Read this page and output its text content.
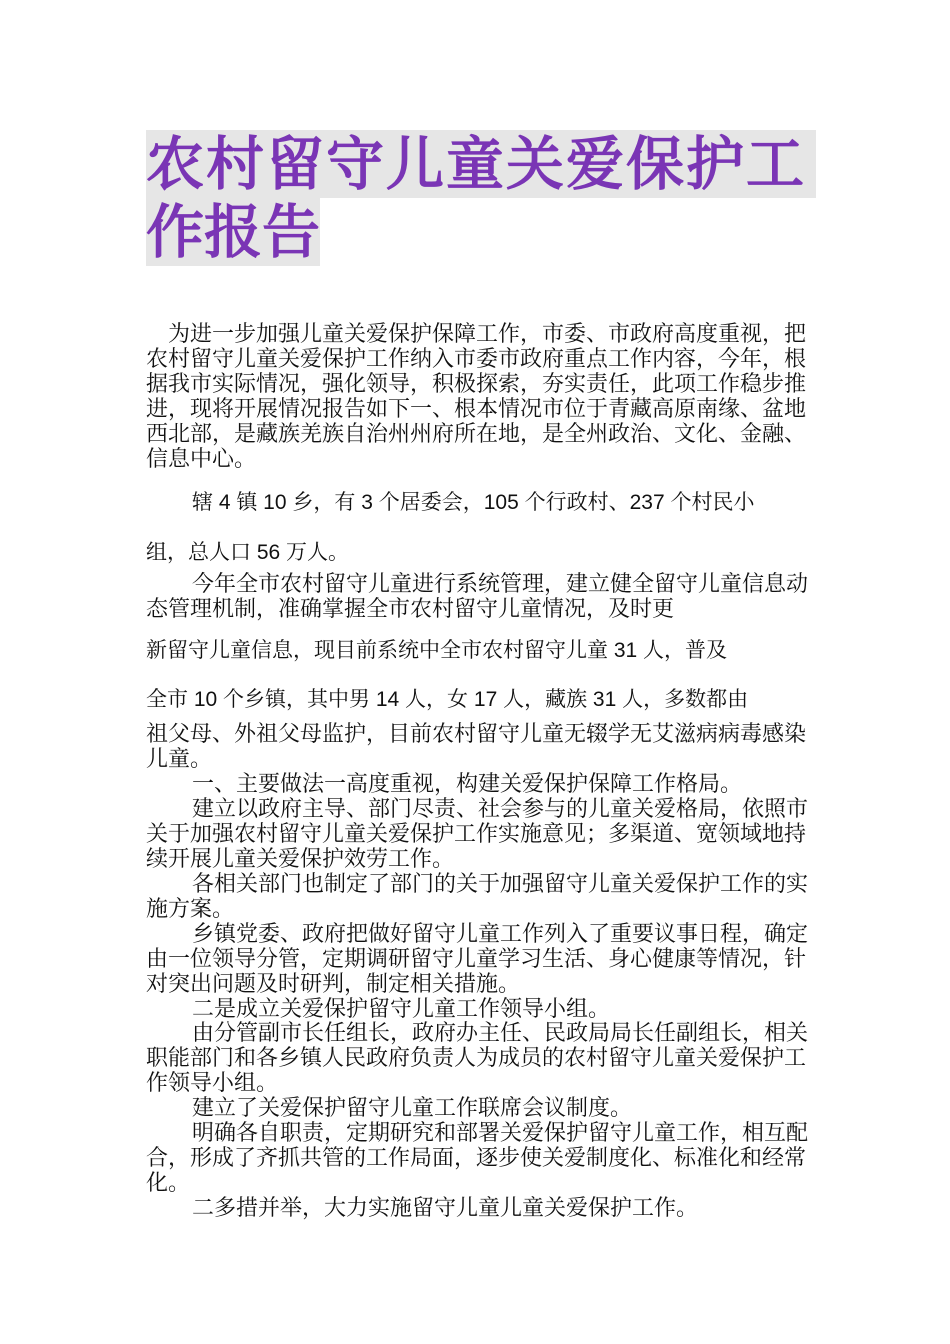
农村留守儿童关爱保护工
作报告

为进一步加强儿童关爱保护保障工作，市委、市政府高度重视，把农村留守儿童关爱保护工作纳入市委市政府重点工作内容，今年，根据我市实际情况，强化领导，积极探索，夯实责任，此项工作稳步推进，现将开展情况报告如下一、根本情况市位于青藏高原南缘、盆地西北部，是藏族羌族自治州州府所在地，是全州政治、文化、金融、信息中心。

辖 4 镇 10 乡，有 3 个居委会，105 个行政村、237 个村民小

组，总人口 56 万人。

今年全市农村留守儿童进行系统管理，建立健全留守儿童信息动态管理机制，准确掌握全市农村留守儿童情况，及时更

新留守儿童信息，现目前系统中全市农村留守儿童 31 人，普及

全市 10 个乡镇，其中男 14 人，女 17 人，藏族 31 人，多数都由

祖父母、外祖父母监护，目前农村留守儿童无辍学无艾滋病病毒感染儿童。

一、主要做法一高度重视，构建关爱保护保障工作格局。

建立以政府主导、部门尽责、社会参与的儿童关爱格局，依照市关于加强农村留守儿童关爱保护工作实施意见；多渠道、宽领域地持续开展儿童关爱保护效劳工作。

各相关部门也制定了部门的关于加强留守儿童关爱保护工作的实施方案。

乡镇党委、政府把做好留守儿童工作列入了重要议事日程，确定由一位领导分管，定期调研留守儿童学习生活、身心健康等情况，针对突出问题及时研判，制定相关措施。

二是成立关爱保护留守儿童工作领导小组。

由分管副市长任组长，政府办主任、民政局局长任副组长，相关职能部门和各乡镇人民政府负责人为成员的农村留守儿童关爱保护工作领导小组。

建立了关爱保护留守儿童工作联席会议制度。

明确各自职责，定期研究和部署关爱保护留守儿童工作，相互配合，形成了齐抓共管的工作局面，逐步使关爱制度化、标准化和经常化。

二多措并举，大力实施留守儿童儿童关爱保护工作。
